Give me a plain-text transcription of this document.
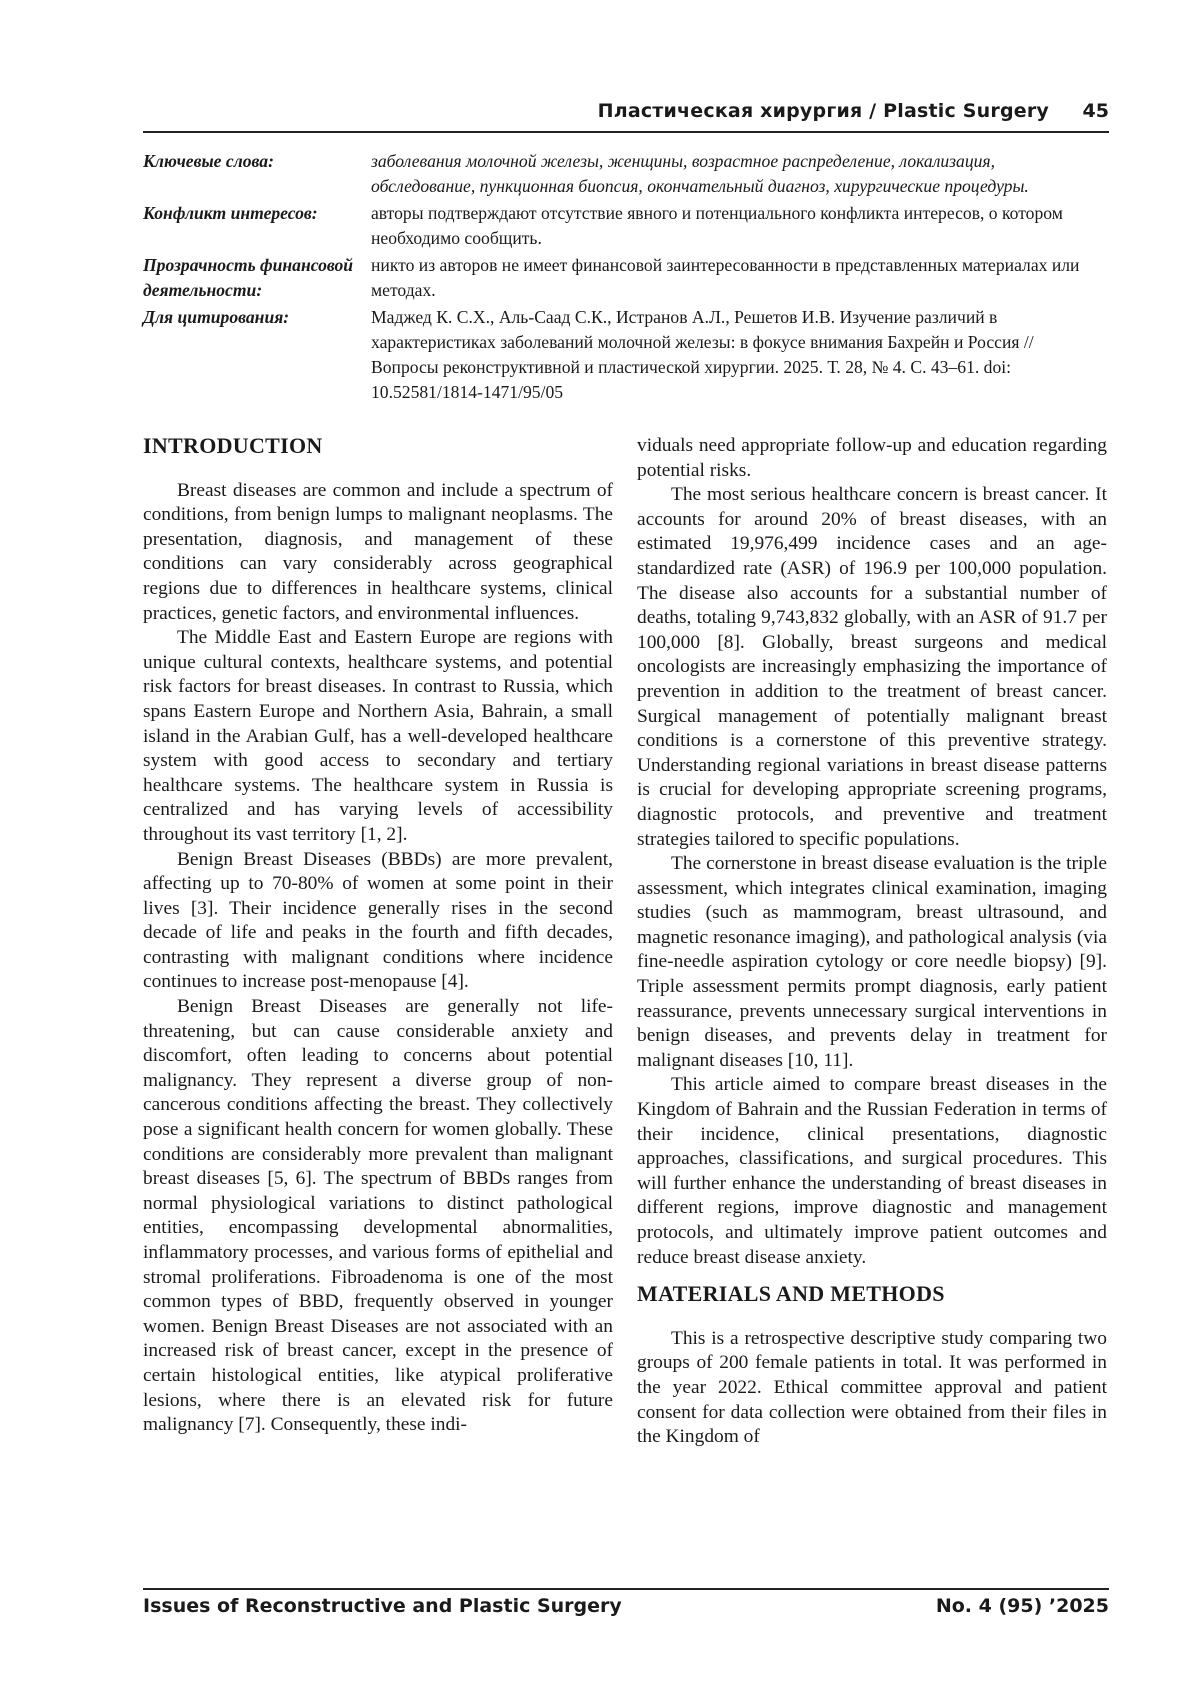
Пластическая хирургия / Plastic Surgery 45
Ключевые слова:	заболевания молочной железы, женщины, возрастное распределение, локализация, обследование, пункционная биопсия, окончательный диагноз, хирургические процедуры.
Конфликт интересов:	авторы подтверждают отсутствие явного и потенциального конфликта интересов, о котором необходимо сообщить.
Прозрачность финансовой деятельности:
никто из авторов не имеет финансовой заинтересованности в представленных материалах или методах.
Для цитирования:	Маджед К. С.Х., Аль-Саад С.К., Истранов А.Л., Решетов И.В. Изучение различий в характеристиках заболеваний молочной железы: в фокусе внимания Бахрейн и Россия // Вопросы реконструктивной и пластической хирургии. 2025. Т. 28, № 4. С. 43–61. doi: 10.52581/1814-1471/95/05
INTRODUCTION

Breast diseases are common and include a spectrum of conditions, from benign lumps to malignant neoplasms. The presentation, diagnosis, and management of these conditions can vary considerably across geographical regions due to differences in healthcare systems, clinical practices, genetic factors, and environmental influences.

The Middle East and Eastern Europe are regions with unique cultural contexts, healthcare systems, and potential risk factors for breast diseases. In contrast to Russia, which spans Eastern Europe and Northern Asia, Bahrain, a small island in the Arabian Gulf, has a well-developed healthcare system with good access to secondary and tertiary healthcare systems. The healthcare system in Russia is centralized and has varying levels of accessibility throughout its vast territory [1, 2].

Benign Breast Diseases (BBDs) are more prevalent, affecting up to 70-80% of women at some point in their lives [3]. Their incidence generally rises in the second decade of life and peaks in the fourth and fifth decades, contrasting with malignant conditions where incidence continues to increase post-menopause [4].

Benign Breast Diseases are generally not life-threatening, but can cause considerable anxiety and discomfort, often leading to concerns about potential malignancy. They represent a diverse group of non-cancerous conditions affecting the breast. They collectively pose a significant health concern for women globally. These conditions are considerably more prevalent than malignant breast diseases [5, 6]. The spectrum of BBDs ranges from normal physiological variations to distinct pathological entities, encompassing developmental abnormalities, inflammatory processes, and various forms of epithelial and stromal proliferations. Fibroadenoma is one of the most common types of BBD, frequently observed in younger women. Benign Breast Diseases are not associated with an increased risk of breast cancer, except in the presence of certain histological entities, like atypical proliferative lesions, where there is an elevated risk for future malignancy [7]. Consequently, these indi-

viduals need appropriate follow-up and education regarding potential risks.

The most serious healthcare concern is breast cancer. It accounts for around 20% of breast diseases, with an estimated 19,976,499 incidence cases and an age-standardized rate (ASR) of 196.9 per 100,000 population. The disease also accounts for a substantial number of deaths, totaling 9,743,832 globally, with an ASR of 91.7 per 100,000 [8]. Globally, breast surgeons and medical oncologists are increasingly emphasizing the importance of prevention in addition to the treatment of breast cancer. Surgical management of potentially malignant breast conditions is a cornerstone of this preventive strategy. Understanding regional variations in breast disease patterns is crucial for developing appropriate screening programs, diagnostic protocols, and preventive and treatment strategies tailored to specific populations.

The cornerstone in breast disease evaluation is the triple assessment, which integrates clinical examination, imaging studies (such as mammogram, breast ultrasound, and magnetic resonance imaging), and pathological analysis (via fine-needle aspiration cytology or core needle biopsy) [9]. Triple assessment permits prompt diagnosis, early patient reassurance, prevents unnecessary surgical interventions in benign diseases, and prevents delay in treatment for malignant diseases [10, 11].

This article aimed to compare breast diseases in the Kingdom of Bahrain and the Russian Federation in terms of their incidence, clinical presentations, diagnostic approaches, classifications, and surgical procedures. This will further enhance the understanding of breast diseases in different regions, improve diagnostic and management protocols, and ultimately improve patient outcomes and reduce breast disease anxiety.

MATERIALS AND METHODS

This is a retrospective descriptive study comparing two groups of 200 female patients in total. It was performed in the year 2022. Ethical committee approval and patient consent for data collection were obtained from their files in the Kingdom of

Issues of Reconstructive and Plastic Surgery	No. 4 (95) ’2025
